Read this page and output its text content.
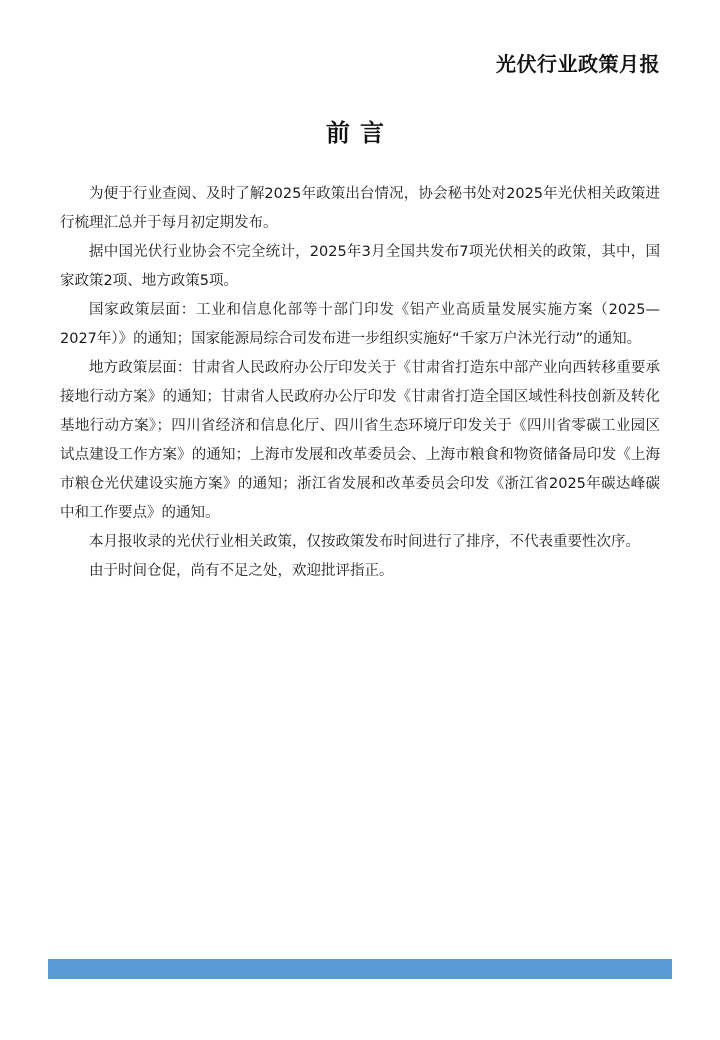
光伏行业政策月报
前言

为便于行业查阅、及时了解2025年政策出台情况，协会秘书处对2025年光伏相关政策进行梳理汇总并于每月初定期发布。

据中国光伏行业协会不完全统计，2025年3月全国共发布7项光伏相关的政策，其中，国家政策2项、地方政策5项。

国家政策层面：工业和信息化部等十部门印发《铝产业高质量发展实施方案（2025—2027年）》的通知；国家能源局综合司发布进一步组织实施好“千家万户沐光行动”的通知。

地方政策层面：甘肃省人民政府办公厅印发关于《甘肃省打造东中部产业向西转移重要承接地行动方案》的通知；甘肃省人民政府办公厅印发《甘肃省打造全国区域性科技创新及转化基地行动方案》；四川省经济和信息化厅、四川省生态环境厅印发关于《四川省零碳工业园区试点建设工作方案》的通知；上海市发展和改革委员会、上海市粮食和物资储备局印发《上海市粮仓光伏建设实施方案》的通知；浙江省发展和改革委员会印发《浙江省2025年碳达峰碳中和工作要点》的通知。

本月报收录的光伏行业相关政策，仅按政策发布时间进行了排序，不代表重要性次序。

由于时间仓促，尚有不足之处，欢迎批评指正。
